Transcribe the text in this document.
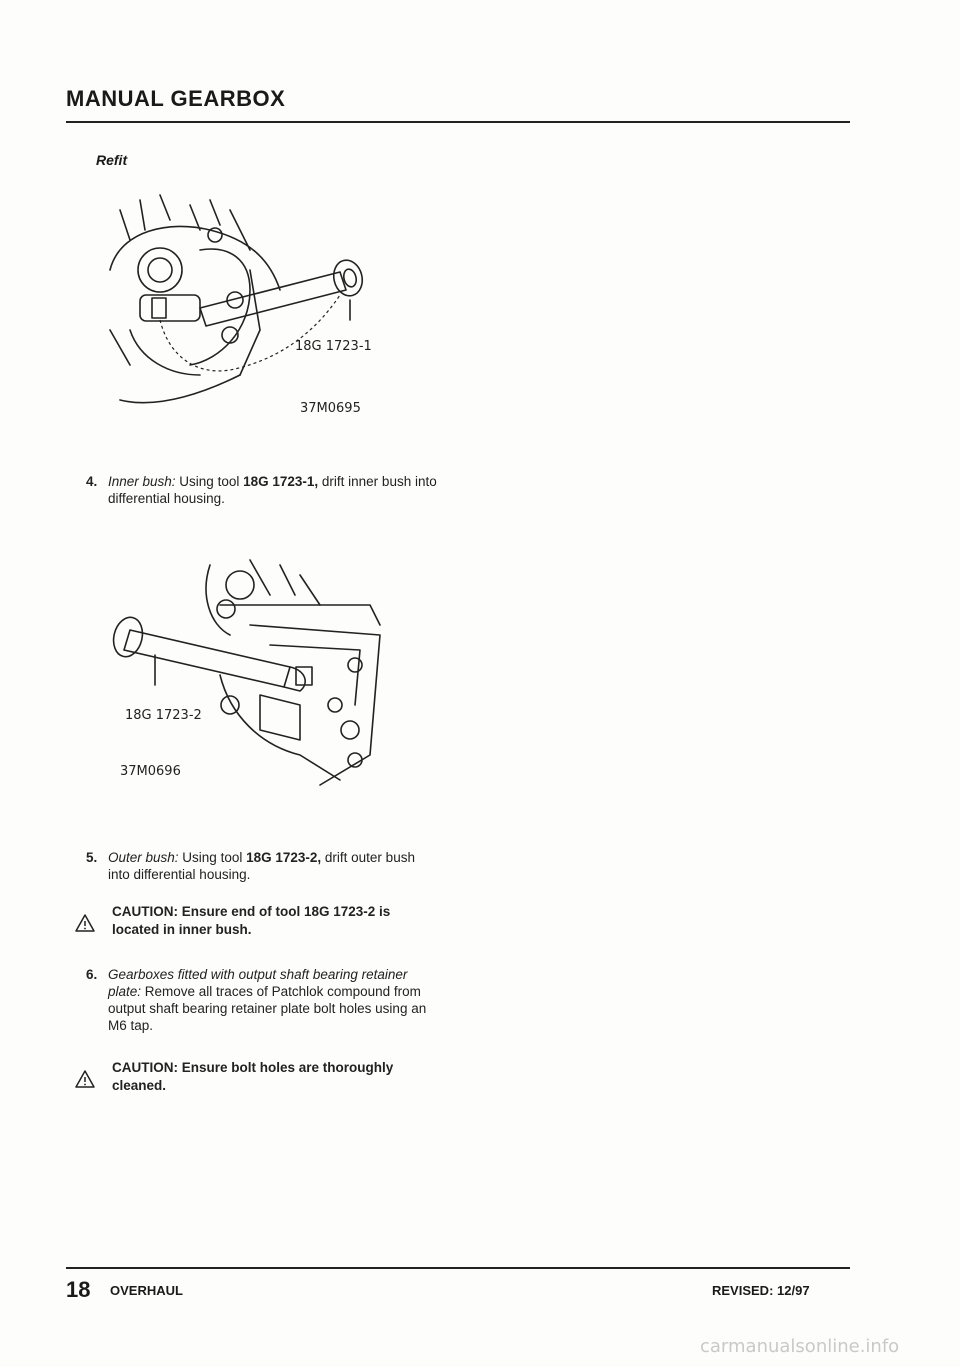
MANUAL GEARBOX
Refit
18G 1723-1
37M0695
4. Inner bush: Using tool 18G 1723-1, drift inner bush into differential housing.
18G 1723-2
37M0696
5. Outer bush: Using tool 18G 1723-2, drift outer bush into differential housing.
CAUTION: Ensure end of tool 18G 1723-2 is located in inner bush.
6. Gearboxes fitted with output shaft bearing retainer plate: Remove all traces of Patchlok compound from output shaft bearing retainer plate bolt holes using an M6 tap.
CAUTION: Ensure bolt holes are thoroughly cleaned.
18 OVERHAUL	REVISED: 12/97
carmanualsonline.info
